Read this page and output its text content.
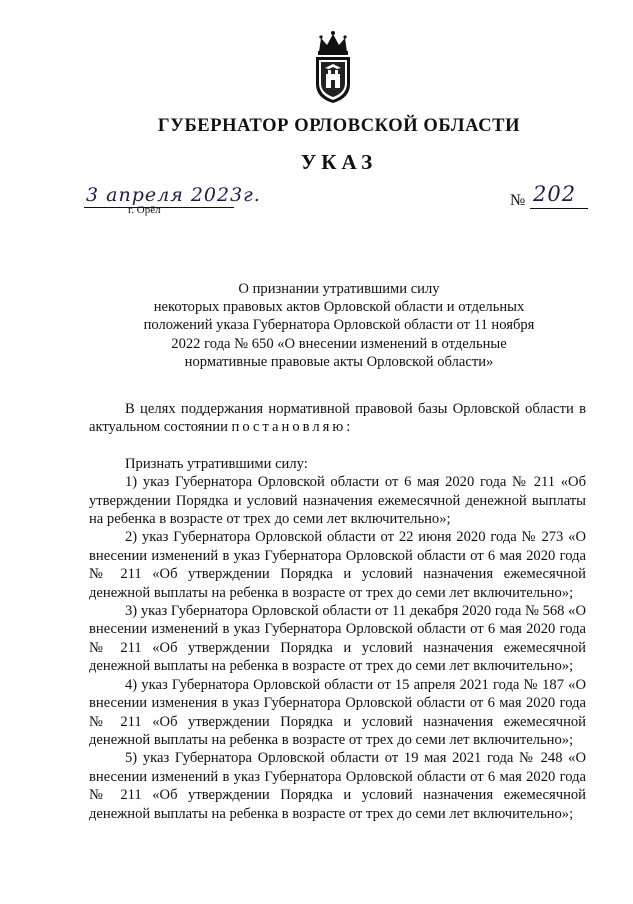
ГУБЕРНАТОР ОРЛОВСКОЙ ОБЛАСТИ
УКАЗ
3 апреля 2023г.
г. Орёл
№ 202
О признании утратившими силу
некоторых правовых актов Орловской области и отдельных
положений указа Губернатора Орловской области от 11 ноября
2022 года № 650 «О внесении изменений в отдельные
нормативные правовые акты Орловской области»

В целях поддержания нормативной правовой базы Орловской области в актуальном состоянии постановляю:

Признать утратившими силу:

1) указ Губернатора Орловской области от 6 мая 2020 года № 211 «Об утверждении Порядка и условий назначения ежемесячной денежной выплаты на ребенка в возрасте от трех до семи лет включительно»;

2) указ Губернатора Орловской области от 22 июня 2020 года № 273 «О внесении изменений в указ Губернатора Орловской области от 6 мая 2020 года № 211 «Об утверждении Порядка и условий назначения ежемесячной денежной выплаты на ребенка в возрасте от трех до семи лет включительно»;

3) указ Губернатора Орловской области от 11 декабря 2020 года № 568 «О внесении изменений в указ Губернатора Орловской области от 6 мая 2020 года № 211 «Об утверждении Порядка и условий назначения ежемесячной денежной выплаты на ребенка в возрасте от трех до семи лет включительно»;

4) указ Губернатора Орловской области от 15 апреля 2021 года № 187 «О внесении изменения в указ Губернатора Орловской области от 6 мая 2020 года № 211 «Об утверждении Порядка и условий назначения ежемесячной денежной выплаты на ребенка в возрасте от трех до семи лет включительно»;

5) указ Губернатора Орловской области от 19 мая 2021 года № 248 «О внесении изменений в указ Губернатора Орловской области от 6 мая 2020 года № 211 «Об утверждении Порядка и условий назначения ежемесячной денежной выплаты на ребенка в возрасте от трех до семи лет включительно»;
